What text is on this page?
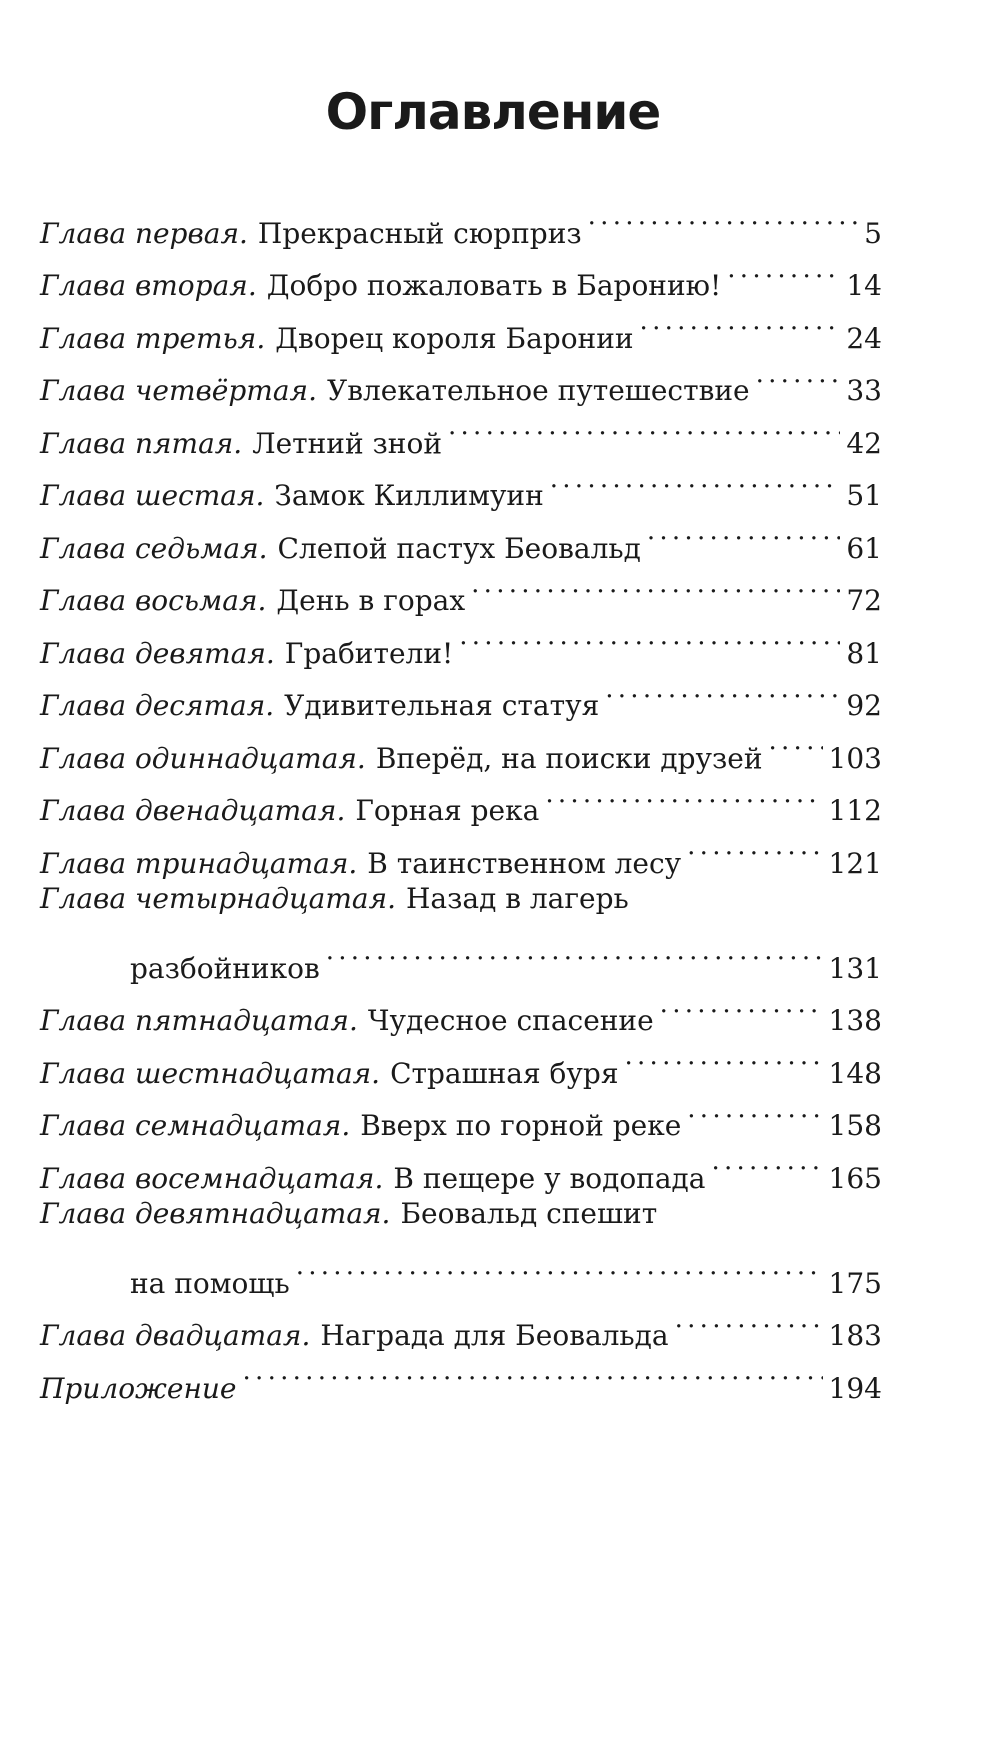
Оглавление
Глава первая. Прекрасный сюрприз . . .	5
Глава вторая. Добро пожаловать в Баронию! . . .	14
Глава третья. Дворец короля Баронии . . .	24
Глава четвёртая. Увлекательное путешествие . . .	33
Глава пятая. Летний зной . . .	42
Глава шестая. Замок Киллимуин . . .	51
Глава седьмая. Слепой пастух Беовальд . . .	61
Глава восьмая. День в горах . . .	72
Глава девятая. Грабители! . . .	81
Глава десятая. Удивительная статуя . . .	92
Глава одиннадцатая. Вперёд, на поиски друзей . . . 103
Глава двенадцатая. Горная река . . .	112
Глава тринадцатая. В таинственном лесу . . .	121
Глава четырнадцатая. Назад в лагерь
разбойников . . .	131
Глава пятнадцатая. Чудесное спасение . . .	138
Глава шестнадцатая. Страшная буря . . .	148
Глава семнадцатая. Вверх по горной реке . . .	158
Глава восемнадцатая. В пещере у водопада . . .	165
Глава девятнадцатая. Беовальд спешит
на помощь . . .	175
Глава двадцатая. Награда для Беовальда . . .	183
Приложение . . .	194
